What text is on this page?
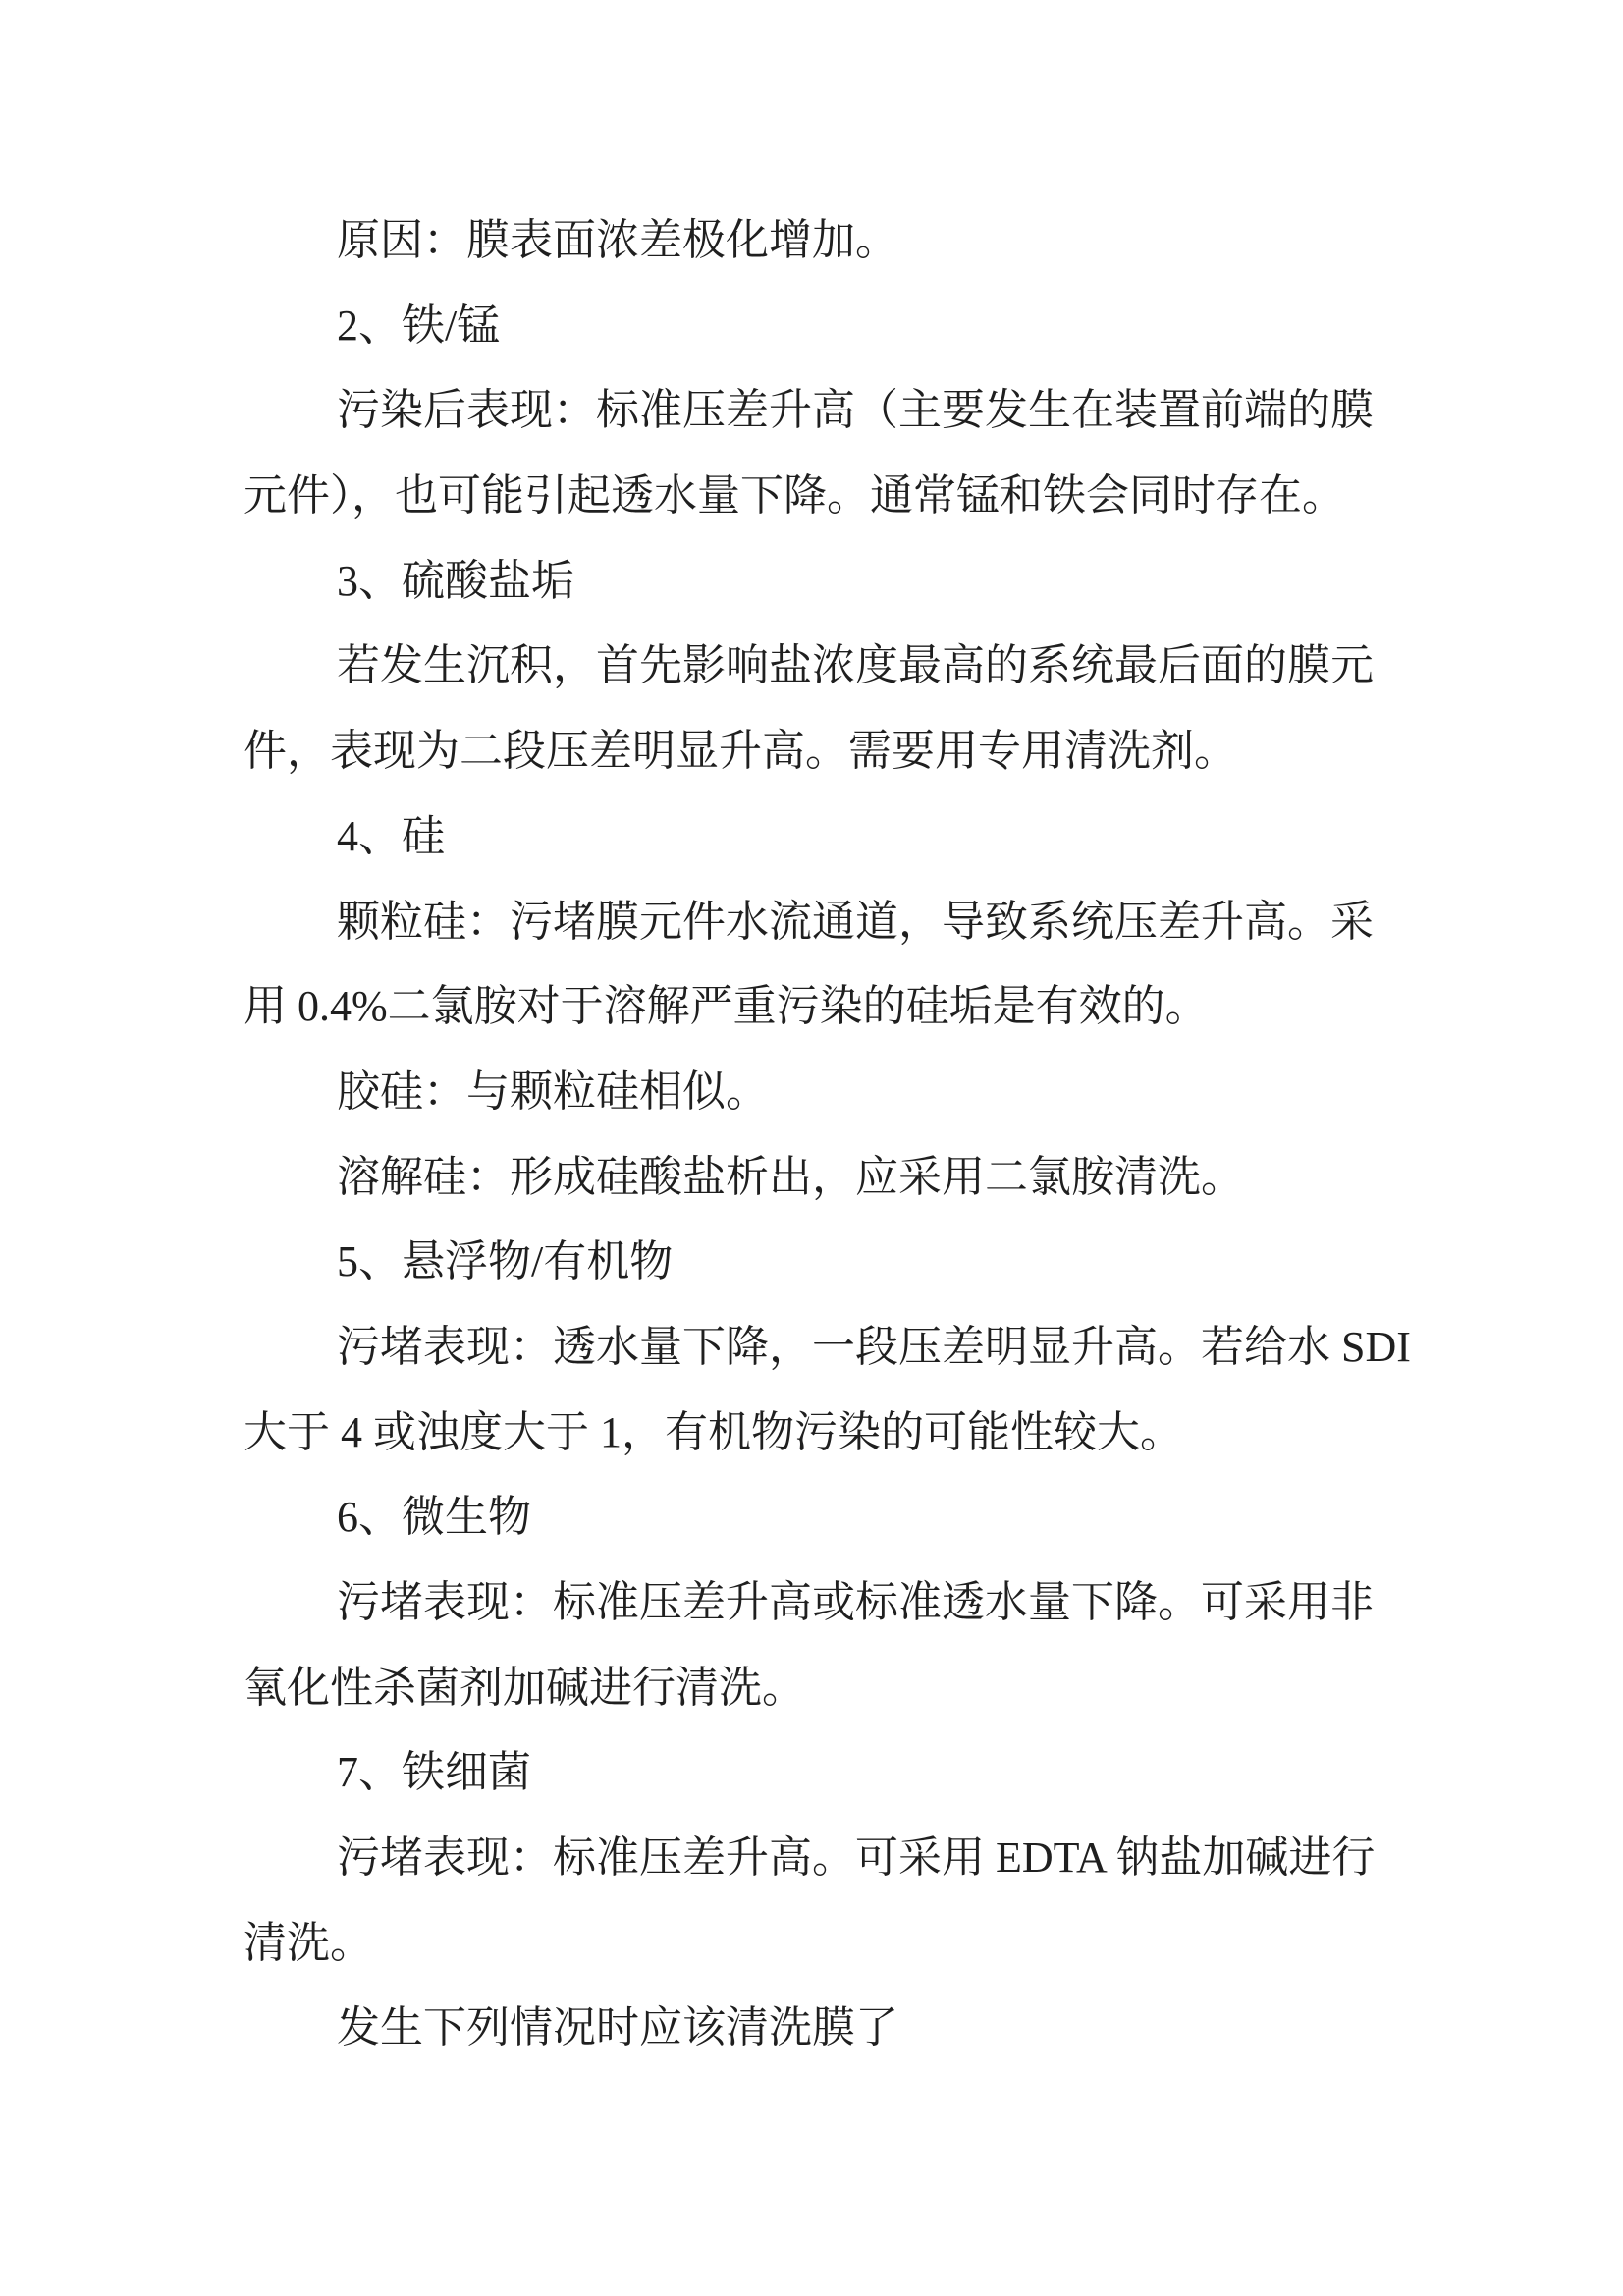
原因：膜表面浓差极化增加。
2、铁/锰
污染后表现：标准压差升高（主要发生在装置前端的膜
元件），也可能引起透水量下降。通常锰和铁会同时存在。
3、硫酸盐垢
若发生沉积，首先影响盐浓度最高的系统最后面的膜元
件，表现为二段压差明显升高。需要用专用清洗剂。
4、硅
颗粒硅：污堵膜元件水流通道，导致系统压差升高。采
用 0.4%二氯胺对于溶解严重污染的硅垢是有效的。
胶硅：与颗粒硅相似。
溶解硅：形成硅酸盐析出，应采用二氯胺清洗。
5、悬浮物/有机物
污堵表现：透水量下降，一段压差明显升高。若给水 SDI
大于 4 或浊度大于 1，有机物污染的可能性较大。
6、微生物
污堵表现：标准压差升高或标准透水量下降。可采用非
氧化性杀菌剂加碱进行清洗。
7、铁细菌
污堵表现：标准压差升高。可采用 EDTA 钠盐加碱进行
清洗。
发生下列情况时应该清洗膜了
